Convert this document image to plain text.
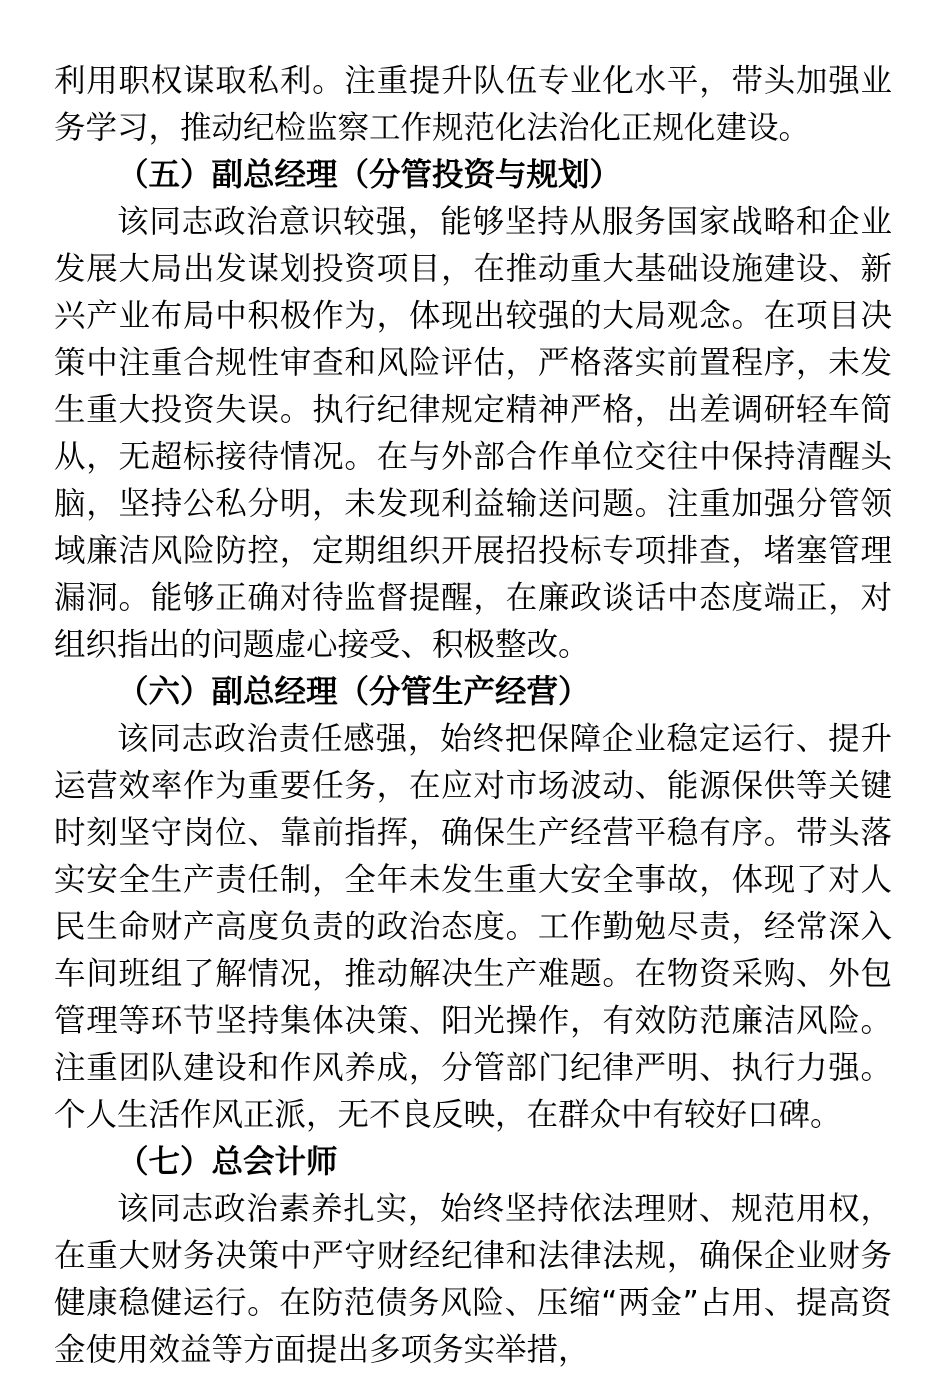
利用职权谋取私利。注重提升队伍专业化水平，带头加强业务学习，推动纪检监察工作规范化法治化正规化建设。

（五）副总经理（分管投资与规划）

该同志政治意识较强，能够坚持从服务国家战略和企业发展大局出发谋划投资项目，在推动重大基础设施建设、新兴产业布局中积极作为，体现出较强的大局观念。在项目决策中注重合规性审查和风险评估，严格落实前置程序，未发生重大投资失误。执行纪律规定精神严格，出差调研轻车简从，无超标接待情况。在与外部合作单位交往中保持清醒头脑，坚持公私分明，未发现利益输送问题。注重加强分管领域廉洁风险防控，定期组织开展招投标专项排查，堵塞管理漏洞。能够正确对待监督提醒，在廉政谈话中态度端正，对组织指出的问题虚心接受、积极整改。

（六）副总经理（分管生产经营）

该同志政治责任感强，始终把保障企业稳定运行、提升运营效率作为重要任务，在应对市场波动、能源保供等关键时刻坚守岗位、靠前指挥，确保生产经营平稳有序。带头落实安全生产责任制，全年未发生重大安全事故，体现了对人民生命财产高度负责的政治态度。工作勤勉尽责，经常深入车间班组了解情况，推动解决生产难题。在物资采购、外包管理等环节坚持集体决策、阳光操作，有效防范廉洁风险。注重团队建设和作风养成，分管部门纪律严明、执行力强。个人生活作风正派，无不良反映，在群众中有较好口碑。

（七）总会计师

该同志政治素养扎实，始终坚持依法理财、规范用权，在重大财务决策中严守财经纪律和法律法规，确保企业财务健康稳健运行。在防范债务风险、压缩“两金”占用、提高资金使用效益等方面提出多项务实举措，
